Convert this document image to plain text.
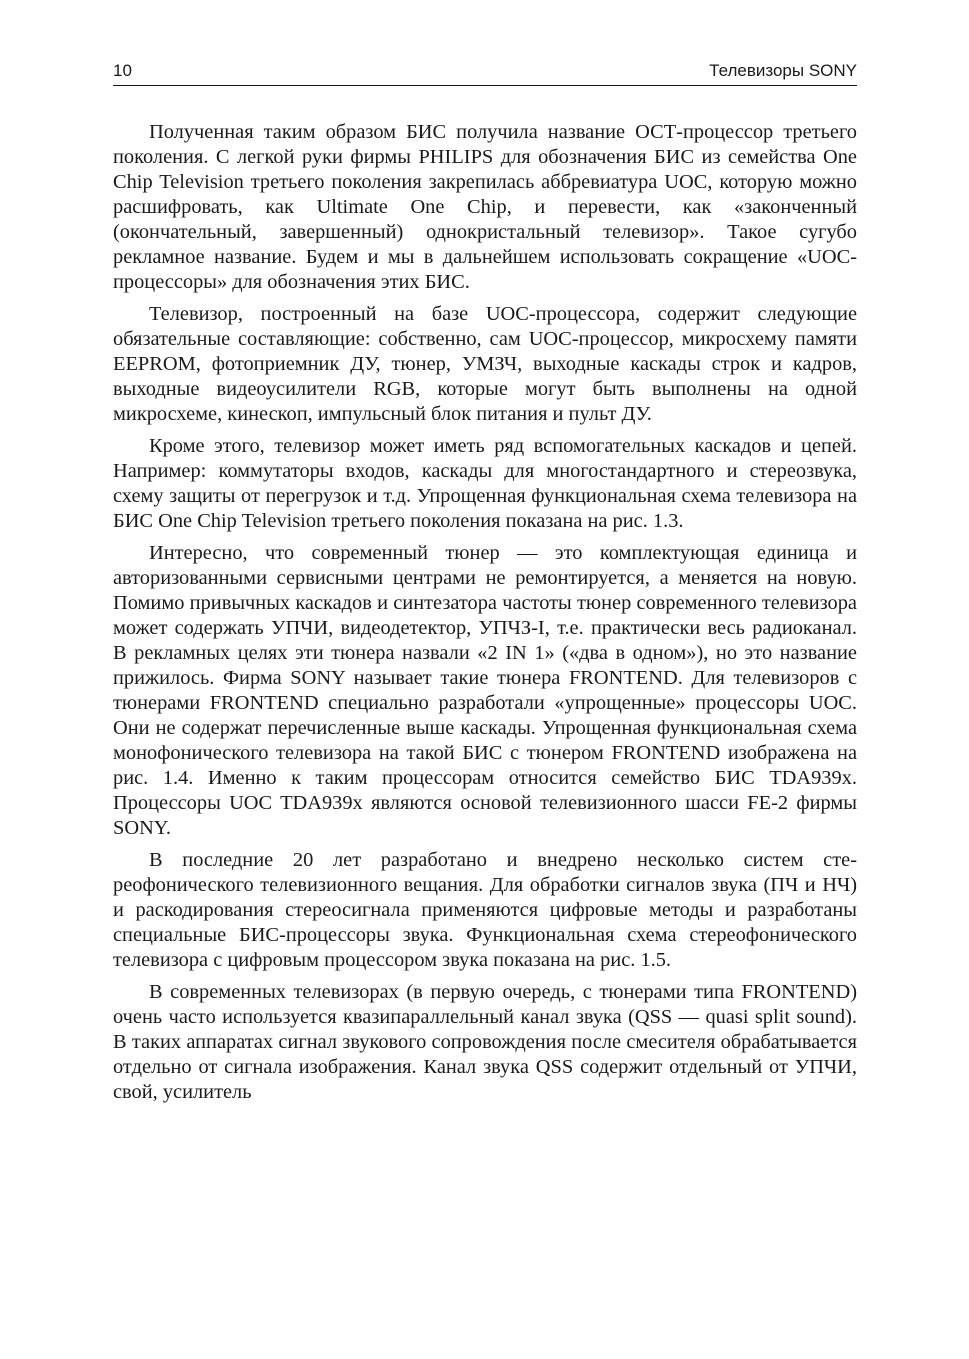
10	Телевизоры SONY

Полученная таким образом БИС получила название ОСТ-процессор третьего поколения. С легкой руки фирмы PHILIPS для обозначения БИС из семейства One Chip Television третьего поколения закрепилась аббревиатура UOC, которую можно расшифровать, как Ultimate One Chip, и перевести, как «законченный (окончательный, завершенный) однокристальный телевизор». Такое сугубо рекламное название. Будем и мы в дальнейшем использовать сокращение «UOC-процессоры» для обозначения этих БИС.

Телевизор, построенный на базе UOC-процессора, содержит следующие обязательные составляющие: собственно, сам UOC-процессор, микросхему памяти EEPROM, фотоприемник ДУ, тюнер, УМЗЧ, выходные каскады строк и кадров, выходные видеоусилители RGB, которые могут быть выполнены на одной микросхеме, кинескоп, импульсный блок питания и пульт ДУ.

Кроме этого, телевизор может иметь ряд вспомогательных каскадов и цепей. Например: коммутаторы входов, каскады для многостандартного и стереозвука, схему защиты от перегрузок и т.д. Упрощенная функциональная схема телевизора на БИС One Chip Television третьего поколения показана на рис. 1.3.

Интересно, что современный тюнер — это комплектующая единица и авторизованными сервисными центрами не ремонтируется, а меняется на новую. Помимо привычных каскадов и синтезатора частоты тюнер современного телевизора может содержать УПЧИ, видеодетектор, УПЧЗ-I, т.е. практически весь радиоканал. В рекламных целях эти тюнера назвали «2 IN 1» («два в одном»), но это название прижилось. Фирма SONY называет такие тюнера FRONTEND. Для телевизоров с тюнерами FRONTEND специально разработали «упрощенные» процессоры UOC. Они не содержат перечисленные выше каскады. Упрощенная функциональная схема монофонического телевизора на такой БИС с тюнером FRONTEND изображена на рис. 1.4. Именно к таким процессорам относится семейство БИС TDA939x. Процессоры UOC TDA939x являются основой телевизионного шасси FE-2 фирмы SONY.

В последние 20 лет разработано и внедрено несколько систем стереофонического телевизионного вещания. Для обработки сигналов звука (ПЧ и НЧ) и раскодирования стереосигнала применяются цифровые методы и разработаны специальные БИС-процессоры звука. Функциональная схема стереофонического телевизора с цифровым процессором звука показана на рис. 1.5.

В современных телевизорах (в первую очередь, с тюнерами типа FRONTEND) очень часто используется квазипараллельный канал звука (QSS — quasi split sound). В таких аппаратах сигнал звукового сопровождения после смесителя обрабатывается отдельно от сигнала изображения. Канал звука QSS содержит отдельный от УПЧИ, свой, усилитель
